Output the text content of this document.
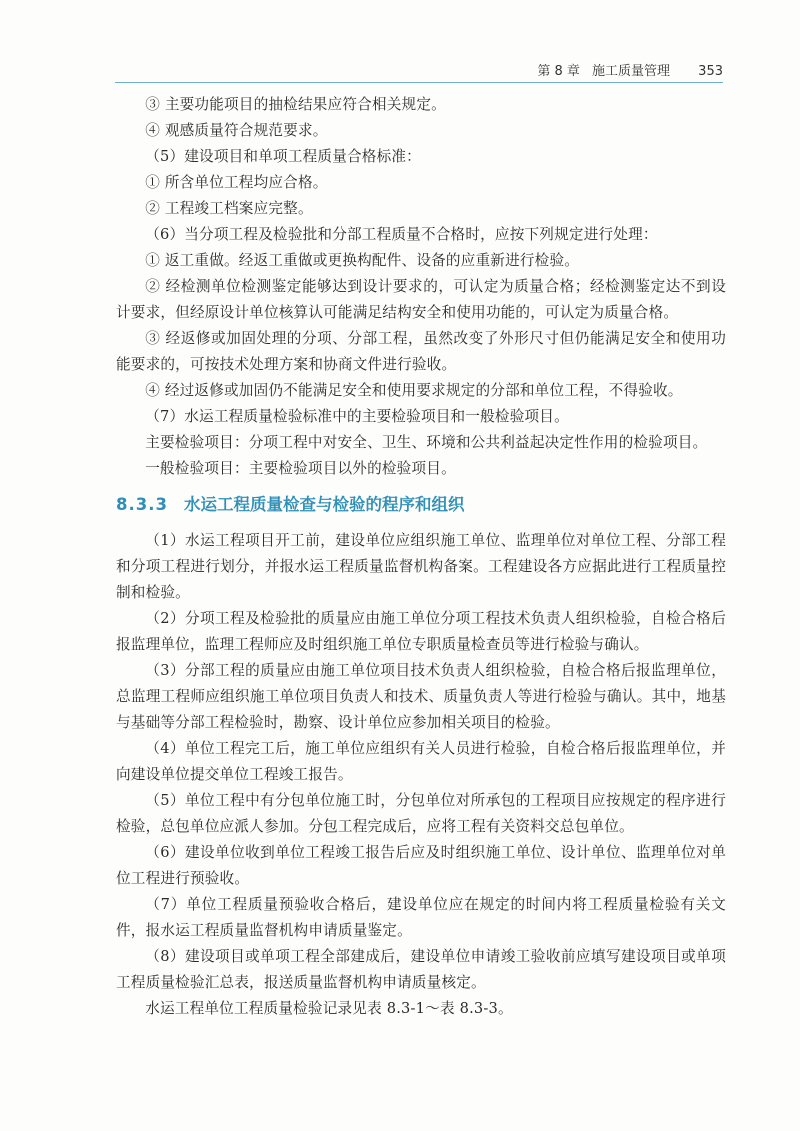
第 8 章 施工质量管理 353

③ 主要功能项目的抽检结果应符合相关规定。

④ 观感质量符合规范要求。

（5）建设项目和单项工程质量合格标准：

① 所含单位工程均应合格。

② 工程竣工档案应完整。

（6）当分项工程及检验批和分部工程质量不合格时，应按下列规定进行处理：

① 返工重做。经返工重做或更换构配件、设备的应重新进行检验。

② 经检测单位检测鉴定能够达到设计要求的，可认定为质量合格；经检测鉴定达不到设计要求，但经原设计单位核算认可能满足结构安全和使用功能的，可认定为质量合格。

③ 经返修或加固处理的分项、分部工程，虽然改变了外形尺寸但仍能满足安全和使用功能要求的，可按技术处理方案和协商文件进行验收。

④ 经过返修或加固仍不能满足安全和使用要求规定的分部和单位工程，不得验收。

（7）水运工程质量检验标准中的主要检验项目和一般检验项目。

主要检验项目：分项工程中对安全、卫生、环境和公共利益起决定性作用的检验项目。

一般检验项目：主要检验项目以外的检验项目。

8.3.3 水运工程质量检查与检验的程序和组织

（1）水运工程项目开工前，建设单位应组织施工单位、监理单位对单位工程、分部工程和分项工程进行划分，并报水运工程质量监督机构备案。工程建设各方应据此进行工程质量控制和检验。

（2）分项工程及检验批的质量应由施工单位分项工程技术负责人组织检验，自检合格后报监理单位，监理工程师应及时组织施工单位专职质量检查员等进行检验与确认。

（3）分部工程的质量应由施工单位项目技术负责人组织检验，自检合格后报监理单位，总监理工程师应组织施工单位项目负责人和技术、质量负责人等进行检验与确认。其中，地基与基础等分部工程检验时，勘察、设计单位应参加相关项目的检验。

（4）单位工程完工后，施工单位应组织有关人员进行检验，自检合格后报监理单位，并向建设单位提交单位工程竣工报告。

（5）单位工程中有分包单位施工时，分包单位对所承包的工程项目应按规定的程序进行检验，总包单位应派人参加。分包工程完成后，应将工程有关资料交总包单位。

（6）建设单位收到单位工程竣工报告后应及时组织施工单位、设计单位、监理单位对单位工程进行预验收。

（7）单位工程质量预验收合格后，建设单位应在规定的时间内将工程质量检验有关文件，报水运工程质量监督机构申请质量鉴定。

（8）建设项目或单项工程全部建成后，建设单位申请竣工验收前应填写建设项目或单项工程质量检验汇总表，报送质量监督机构申请质量核定。

水运工程单位工程质量检验记录见表 8.3-1～表 8.3-3。
